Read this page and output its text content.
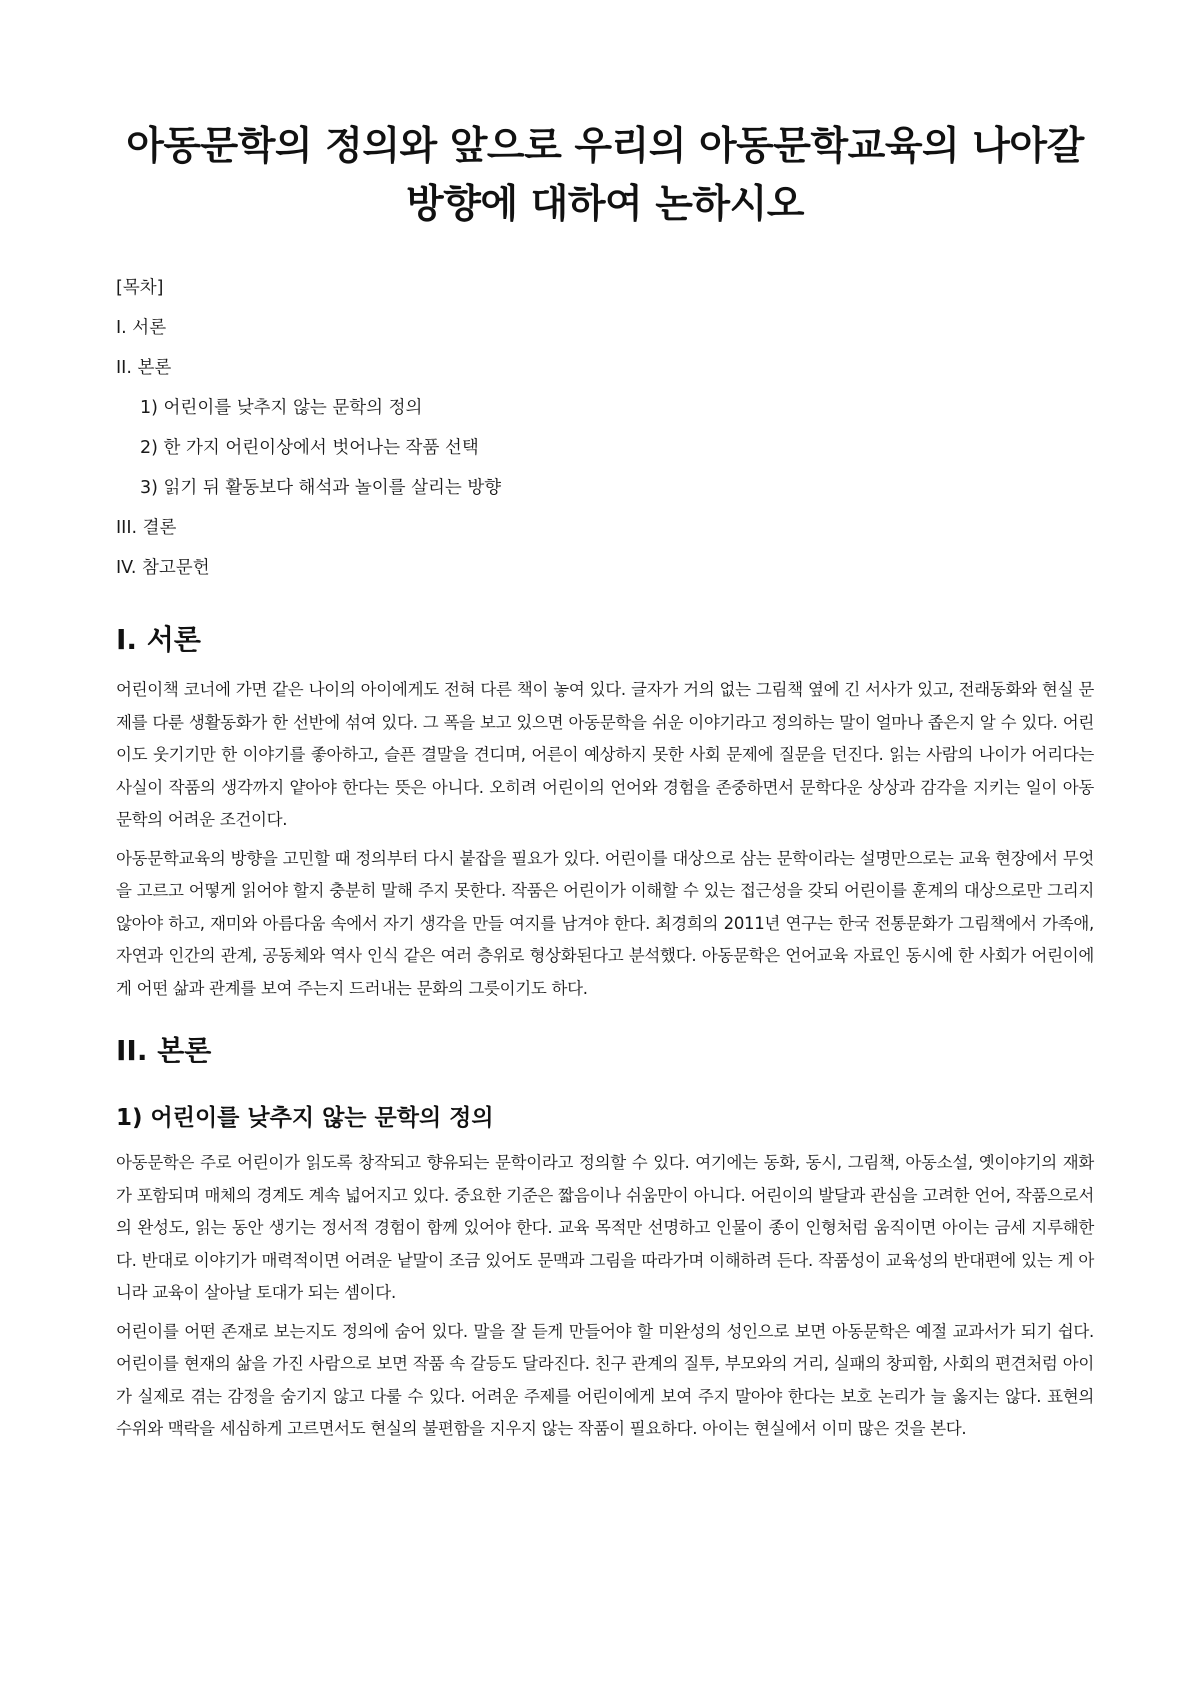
아동문학의 정의와 앞으로 우리의 아동문학교육의 나아갈 방향에 대하여 논하시오
[목차]
I. 서론
II. 본론
1) 어린이를 낮추지 않는 문학의 정의
2) 한 가지 어린이상에서 벗어나는 작품 선택
3) 읽기 뒤 활동보다 해석과 놀이를 살리는 방향
III. 결론
IV. 참고문헌
I. 서론

어린이책 코너에 가면 같은 나이의 아이에게도 전혀 다른 책이 놓여 있다. 글자가 거의 없는 그림책 옆에 긴 서사가 있고, 전래동화와 현실 문제를 다룬 생활동화가 한 선반에 섞여 있다. 그 폭을 보고 있으면 아동문학을 쉬운 이야기라고 정의하는 말이 얼마나 좁은지 알 수 있다. 어린이도 웃기기만 한 이야기를 좋아하고, 슬픈 결말을 견디며, 어른이 예상하지 못한 사회 문제에 질문을 던진다. 읽는 사람의 나이가 어리다는 사실이 작품의 생각까지 얕아야 한다는 뜻은 아니다. 오히려 어린이의 언어와 경험을 존중하면서 문학다운 상상과 감각을 지키는 일이 아동문학의 어려운 조건이다.

아동문학교육의 방향을 고민할 때 정의부터 다시 붙잡을 필요가 있다. 어린이를 대상으로 삼는 문학이라는 설명만으로는 교육 현장에서 무엇을 고르고 어떻게 읽어야 할지 충분히 말해 주지 못한다. 작품은 어린이가 이해할 수 있는 접근성을 갖되 어린이를 훈계의 대상으로만 그리지 않아야 하고, 재미와 아름다움 속에서 자기 생각을 만들 여지를 남겨야 한다. 최경희의 2011년 연구는 한국 전통문화가 그림책에서 가족애, 자연과 인간의 관계, 공동체와 역사 인식 같은 여러 층위로 형상화된다고 분석했다. 아동문학은 언어교육 자료인 동시에 한 사회가 어린이에게 어떤 삶과 관계를 보여 주는지 드러내는 문화의 그릇이기도 하다.

II. 본론
1) 어린이를 낮추지 않는 문학의 정의

아동문학은 주로 어린이가 읽도록 창작되고 향유되는 문학이라고 정의할 수 있다. 여기에는 동화, 동시, 그림책, 아동소설, 옛이야기의 재화가 포함되며 매체의 경계도 계속 넓어지고 있다. 중요한 기준은 짧음이나 쉬움만이 아니다. 어린이의 발달과 관심을 고려한 언어, 작품으로서의 완성도, 읽는 동안 생기는 정서적 경험이 함께 있어야 한다. 교육 목적만 선명하고 인물이 종이 인형처럼 움직이면 아이는 금세 지루해한다. 반대로 이야기가 매력적이면 어려운 낱말이 조금 있어도 문맥과 그림을 따라가며 이해하려 든다. 작품성이 교육성의 반대편에 있는 게 아니라 교육이 살아날 토대가 되는 셈이다.

어린이를 어떤 존재로 보는지도 정의에 숨어 있다. 말을 잘 듣게 만들어야 할 미완성의 성인으로 보면 아동문학은 예절 교과서가 되기 쉽다. 어린이를 현재의 삶을 가진 사람으로 보면 작품 속 갈등도 달라진다. 친구 관계의 질투, 부모와의 거리, 실패의 창피함, 사회의 편견처럼 아이가 실제로 겪는 감정을 숨기지 않고 다룰 수 있다. 어려운 주제를 어린이에게 보여 주지 말아야 한다는 보호 논리가 늘 옳지는 않다. 표현의 수위와 맥락을 세심하게 고르면서도 현실의 불편함을 지우지 않는 작품이 필요하다. 아이는 현실에서 이미 많은 것을 본다.
